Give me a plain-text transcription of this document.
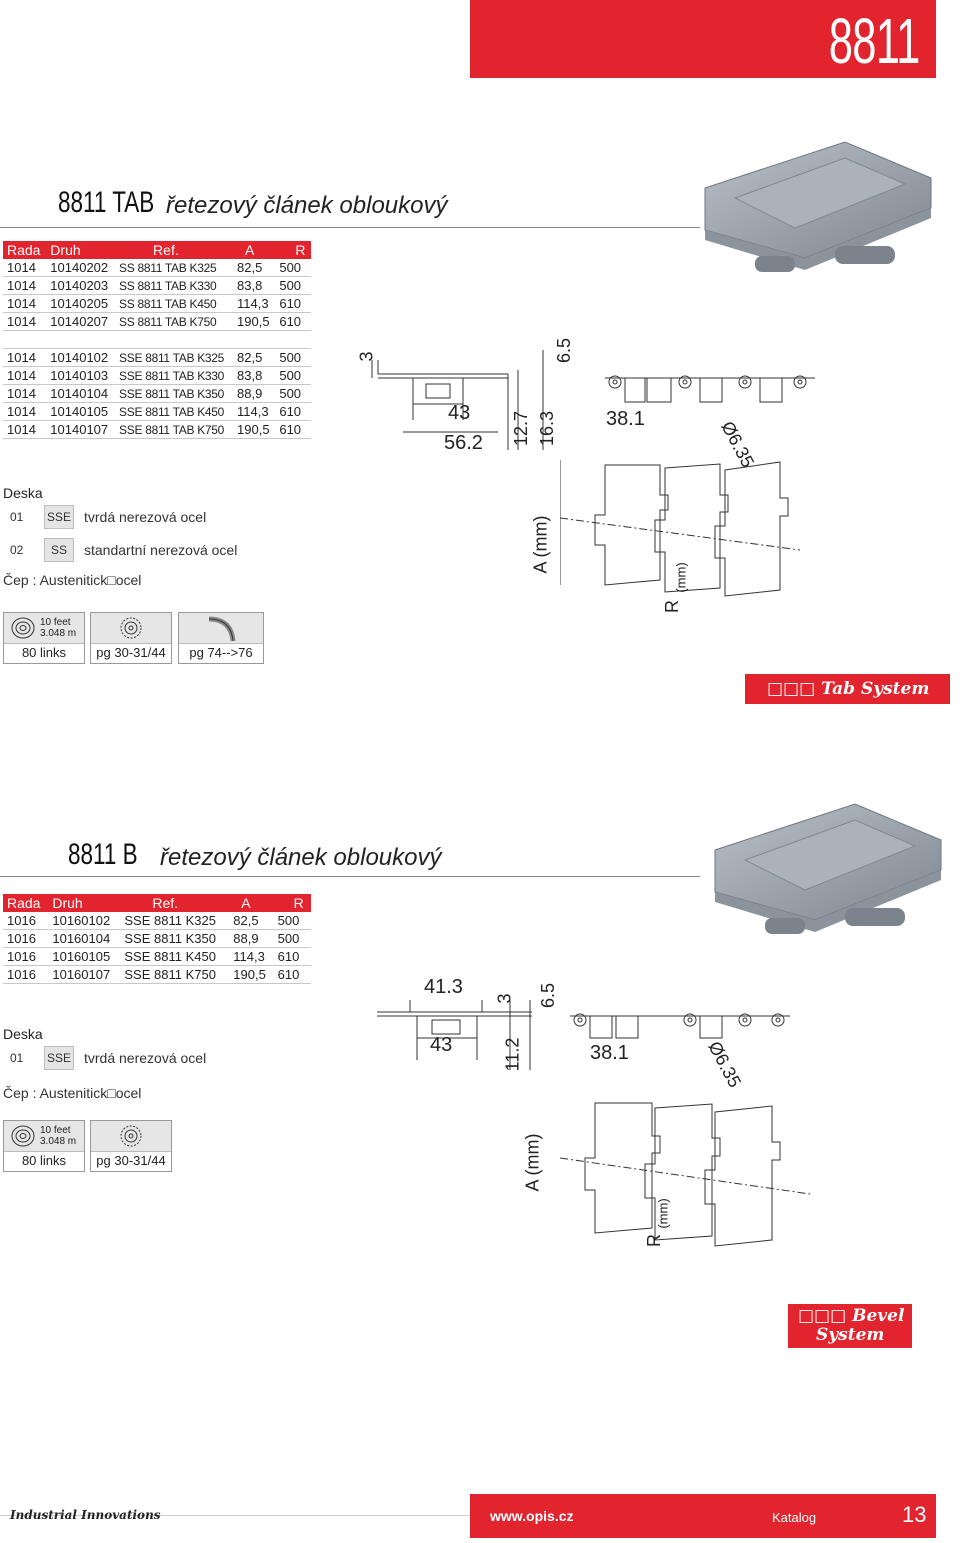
8811
8811 TAB řetezový článek obloukový
Rada	Druh	Ref.	A	R
1014	10140202	SS 8811 TAB K325	82,5	500
1014	10140203	SS 8811 TAB K330	83,8	500
1014	10140205	SS 8811 TAB K450	114,3	610
1014	10140207	SS 8811 TAB K750	190,5	610

1014	10140102	SSE 8811 TAB K325	82,5	500
1014	10140103	SSE 8811 TAB K330	83,8	500
1014	10140104	SSE 8811 TAB K350	88,9	500
1014	10140105	SSE 8811 TAB K450	114,3	610
1014	10140107	SSE 8811 TAB K750	190,5	610
3
43
56.2 12.7 16.3
6.5
38.1	Ø6.35
A (mm)
R
(mm)
Deska
01	SSE tvrdá nerezová ocel
02	SS	standartní nerezová ocel
Čep : Austenitick□ocel
10 feet
3.048 m
80 links	pg 30-31/44	pg 74-->76
□□□ Tab System
8811 B řetezový článek obloukový
Rada	Druh	Ref.	A	R
1016	10160102	SSE 8811 K325	82,5	500
1016	10160104	SSE 8811 K350	88,9	500
1016	10160105	SSE 8811 K450	114,3	610
1016	10160107	SSE 8811 K750	190,5	610
41.3
3 6.5
43	11.2	38.1	Ø6.35
A (mm)
R
(mm)
Deska
01	SSE tvrdá nerezová ocel
Čep : Austenitick□ocel
10 feet
3.048 m
80 links	pg 30-31/44
□□□ Bevel
System
Industrial Innovations	www.opis.cz	Katalog	13
